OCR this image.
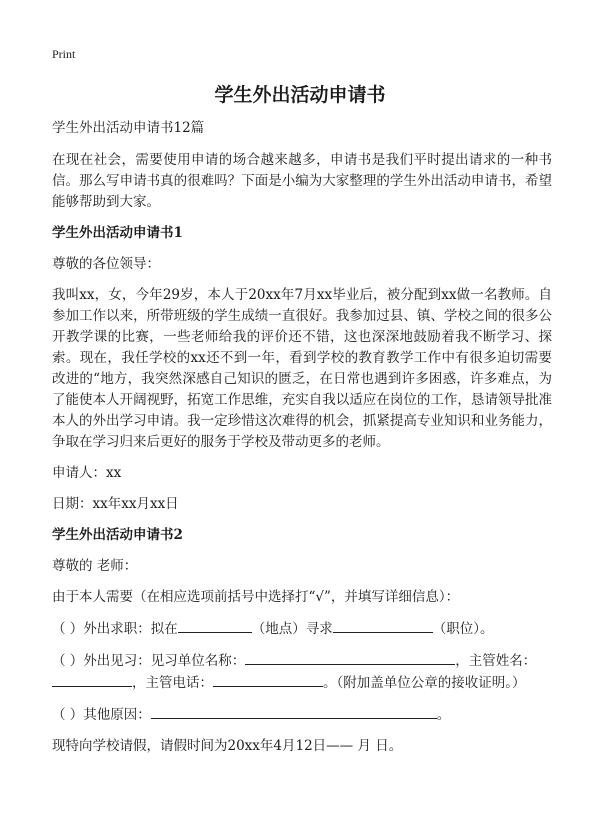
Print
学生外出活动申请书

学生外出活动申请书12篇

在现在社会，需要使用申请的场合越来越多，申请书是我们平时提出请求的一种书信。那么写申请书真的很难吗？下面是小编为大家整理的学生外出活动申请书，希望能够帮助到大家。

学生外出活动申请书1

尊敬的各位领导：

我叫xx，女，今年29岁，本人于20xx年7月xx毕业后，被分配到xx做一名教师。自参加工作以来，所带班级的学生成绩一直很好。我参加过县、镇、学校之间的很多公开教学课的比赛，一些老师给我的评价还不错，这也深深地鼓励着我不断学习、探索。现在，我任学校的xx还不到一年，看到学校的教育教学工作中有很多迫切需要改进的“地方，我突然深感自己知识的匮乏，在日常也遇到许多困惑，许多难点，为了能使本人开阔视野，拓宽工作思维，充实自我以适应在岗位的工作，恳请领导批准本人的外出学习申请。我一定珍惜这次难得的机会，抓紧提高专业知识和业务能力，争取在学习归来后更好的服务于学校及带动更多的老师。

申请人：xx

日期：xx年xx月xx日

学生外出活动申请书2

尊敬的 老师：

由于本人需要（在相应选项前括号中选择打“√”，并填写详细信息）：

（ ）外出求职：拟在	（地点）寻求	（职位）。

（ ）外出见习：见习单位名称：	，主管姓名：
，主管电话：	。（附加盖单位公章的接收证明。）

（ ）其他原因：	。

现特向学校请假，请假时间为20xx年4月12日—— 月 日。
